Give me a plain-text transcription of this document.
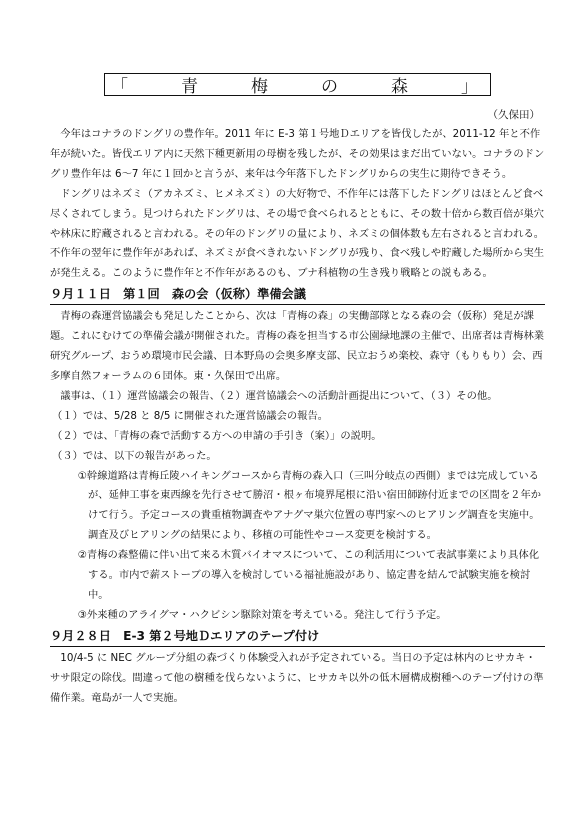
「	青	梅	の	森	」
（久保田）

今年はコナラのドングリの豊作年。2011 年に E-3 第１号地Ｄエリアを皆伐したが、2011-12 年と不作年が続いた。皆伐エリア内に天然下種更新用の母樹を残したが、その効果はまだ出ていない。コナラのドングリ豊作年は 6～7 年に１回かと言うが、来年は今年落下したドングリからの実生に期待できそう。

ドングリはネズミ（アカネズミ、ヒメネズミ）の大好物で、不作年には落下したドングリはほとんど食べ尽くされてしまう。見つけられたドングリは、その場で食べられるとともに、その数十倍から数百倍が巣穴や林床に貯蔵されると言われる。その年のドングリの量により、ネズミの個体数も左右されると言われる。不作年の翌年に豊作年があれば、ネズミが食べきれないドングリが残り、食べ残しや貯蔵した場所から実生が発生える。このように豊作年と不作年があるのも、ブナ科植物の生き残り戦略との説もある。

９月１１日　第１回　森の会（仮称）準備会議

青梅の森運営協議会も発足したことから、次は「青梅の森」の実働部隊となる森の会（仮称）発足が課題。これにむけての準備会議が開催された。青梅の森を担当する市公園緑地課の主催で、出席者は青梅林業研究グループ、おうめ環境市民会議、日本野鳥の会奥多摩支部、民立おうめ楽校、森守（もりもり）会、西多摩自然フォーラムの６団体。東・久保田で出席。

議事は、（１）運営協議会の報告、（２）運営協議会への活動計画提出について、（３）その他。

（１）では、5/28 と 8/5 に開催された運営協議会の報告。

（２）では、「青梅の森で活動する方への申請の手引き（案）」の説明。

（３）では、以下の報告があった。

①幹線道路は青梅丘陵ハイキングコースから青梅の森入口（三叫分岐点の西側）までは完成しているが、延伸工事を東西線を先行させて勝沼・根ヶ布境界尾根に沿い宿田師跡付近までの区間を２年かけて行う。予定コースの貴重植物調査やアナグマ巣穴位置の専門家へのヒアリング調査を実施中。調査及びヒアリングの結果により、移植の可能性やコース変更を検討する。

②青梅の森整備に伴い出て来る木質バイオマスについて、この利活用について表試事業により具体化する。市内で薪ストーブの導入を検討している福祉施設があり、協定書を結んで試験実施を検討中。

③外来種のアライグマ・ハクビシン駆除対策を考えている。発注して行う予定。

９月２８日　E-3 第２号地Ｄエリアのテープ付け

10/4-5 に NEC グループ分組の森づくり体験受入れが予定されている。当日の予定は林内のヒサカキ・ササ限定の除伐。間違って他の樹種を伐らないように、ヒサカキ以外の低木層構成樹種へのテープ付けの準備作業。竜島が一人で実施。
